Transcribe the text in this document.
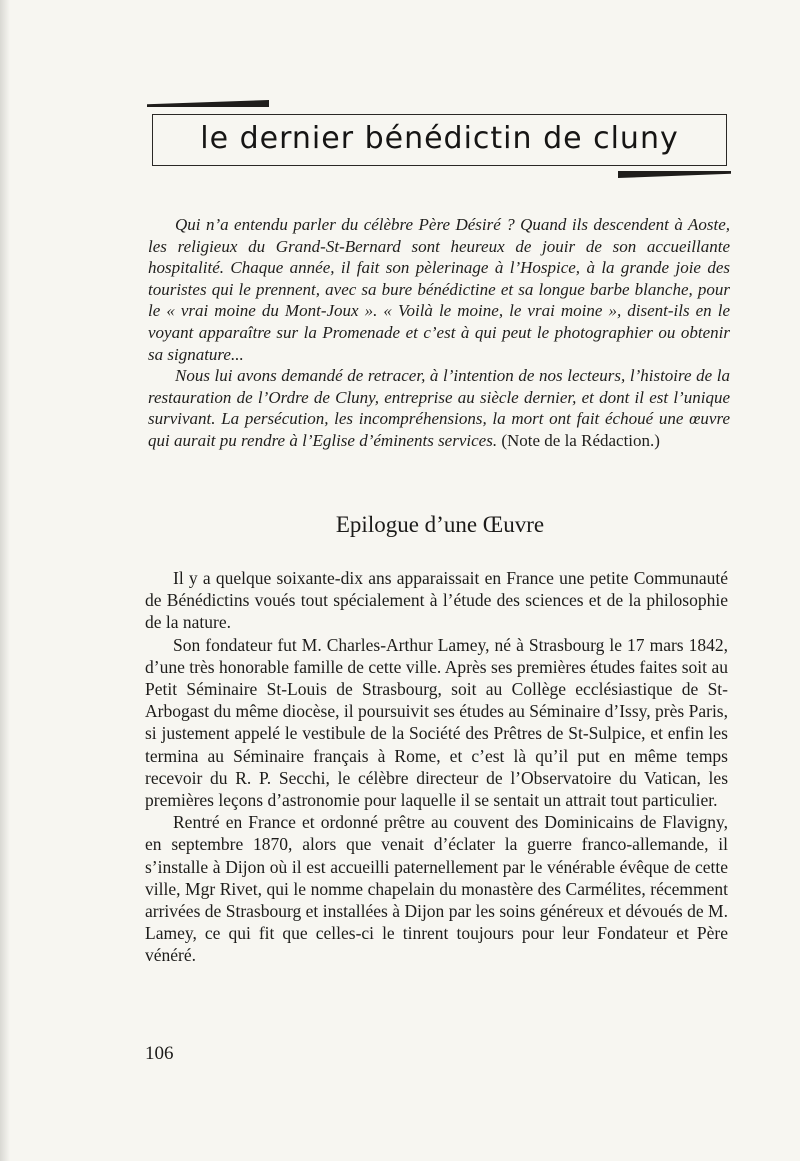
le dernier bénédictin de cluny

Qui n’a entendu parler du célèbre Père Désiré ? Quand ils descendent à Aoste, les religieux du Grand-St-Bernard sont heureux de jouir de son accueillante hospitalité. Chaque année, il fait son pèlerinage à l’Hospice, à la grande joie des touristes qui le prennent, avec sa bure bénédictine et sa longue barbe blanche, pour le « vrai moine du Mont-Joux ». « Voilà le moine, le vrai moine », disent-ils en le voyant apparaître sur la Promenade et c’est à qui peut le photographier ou obtenir sa signature...

Nous lui avons demandé de retracer, à l’intention de nos lecteurs, l’histoire de la restauration de l’Ordre de Cluny, entreprise au siècle dernier, et dont il est l’unique survivant. La persécution, les incompréhensions, la mort ont fait échoué une œuvre qui aurait pu rendre à l’Eglise d’éminents services. (Note de la Rédaction.)

Epilogue d’une Œuvre

Il y a quelque soixante-dix ans apparaissait en France une petite Communauté de Bénédictins voués tout spécialement à l’étude des sciences et de la philosophie de la nature.

Son fondateur fut M. Charles-Arthur Lamey, né à Strasbourg le 17 mars 1842, d’une très honorable famille de cette ville. Après ses premières études faites soit au Petit Séminaire St-Louis de Strasbourg, soit au Collège ecclésiastique de St-Arbogast du même diocèse, il poursuivit ses études au Séminaire d’Issy, près Paris, si justement appelé le vestibule de la Société des Prêtres de St-Sulpice, et enfin les termina au Séminaire français à Rome, et c’est là qu’il put en même temps recevoir du R. P. Secchi, le célèbre directeur de l’Observatoire du Vatican, les premières leçons d’astronomie pour laquelle il se sentait un attrait tout particulier.

Rentré en France et ordonné prêtre au couvent des Dominicains de Flavigny, en septembre 1870, alors que venait d’éclater la guerre franco-allemande, il s’installe à Dijon où il est accueilli paternellement par le vénérable évêque de cette ville, Mgr Rivet, qui le nomme chapelain du monastère des Carmélites, récemment arrivées de Strasbourg et installées à Dijon par les soins généreux et dévoués de M. Lamey, ce qui fit que celles-ci le tinrent toujours pour leur Fondateur et Père vénéré.

106
